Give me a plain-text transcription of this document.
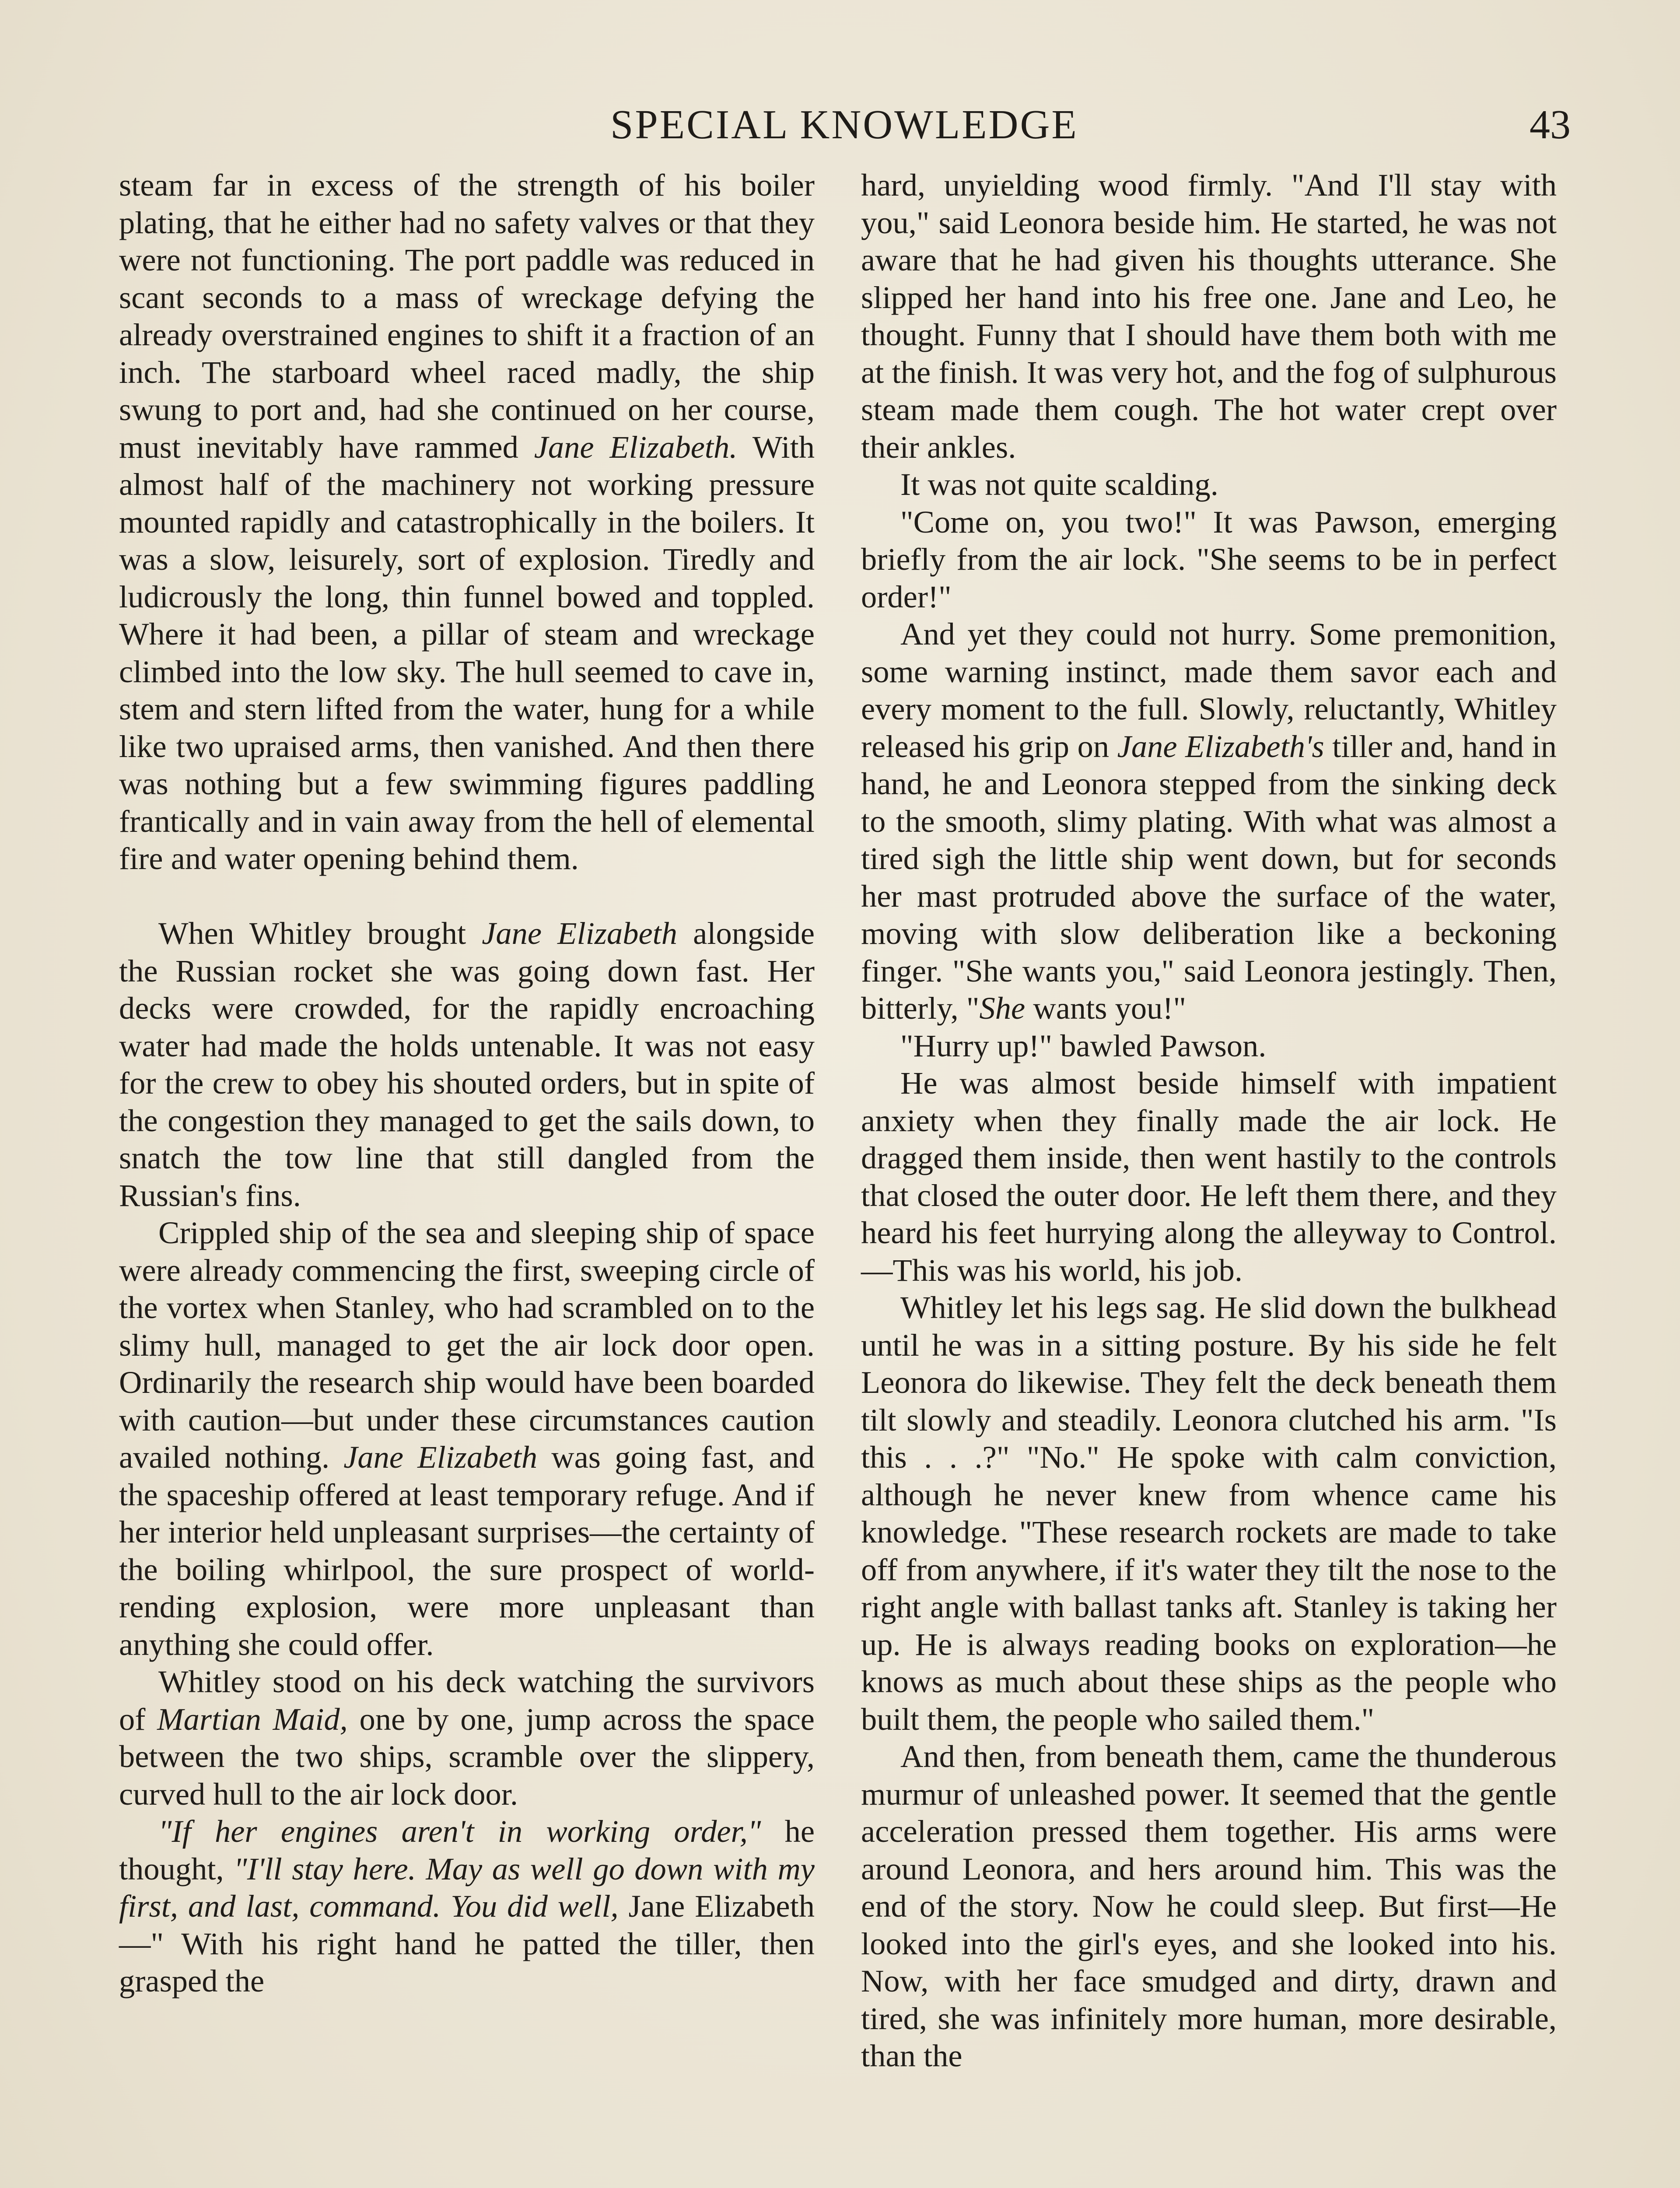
SPECIAL KNOWLEDGE	43

steam far in excess of the strength of his boiler plating, that he either had no safety valves or that they were not functioning. The port paddle was reduced in scant seconds to a mass of wreckage defying the already overstrained engines to shift it a fraction of an inch. The starboard wheel raced madly, the ship swung to port and, had she continued on her course, must inevitably have rammed Jane Elizabeth. With almost half of the machinery not working pressure mounted rapidly and catastrophically in the boilers. It was a slow, leisurely, sort of explosion. Tiredly and ludicrously the long, thin funnel bowed and toppled. Where it had been, a pillar of steam and wreckage climbed into the low sky. The hull seemed to cave in, stem and stern lifted from the water, hung for a while like two upraised arms, then vanished. And then there was nothing but a few swimming figures paddling frantically and in vain away from the hell of elemental fire and water opening behind them.

When Whitley brought Jane Elizabeth alongside the Russian rocket she was going down fast. Her decks were crowded, for the rapidly encroaching water had made the holds untenable. It was not easy for the crew to obey his shouted orders, but in spite of the congestion they managed to get the sails down, to snatch the tow line that still dangled from the Russian's fins.

Crippled ship of the sea and sleeping ship of space were already commencing the first, sweeping circle of the vortex when Stanley, who had scrambled on to the slimy hull, managed to get the air lock door open. Ordinarily the research ship would have been boarded with caution—but under these circumstances caution availed nothing. Jane Elizabeth was going fast, and the spaceship offered at least temporary refuge. And if her interior held unpleasant surprises—the certainty of the boiling whirlpool, the sure prospect of world-rending explosion, were more unpleasant than anything she could offer.

Whitley stood on his deck watching the survivors of Martian Maid, one by one, jump across the space between the two ships, scramble over the slippery, curved hull to the air lock door.

"If her engines aren't in working order," he thought, "I'll stay here. May as well go down with my first, and last, command. You did well, Jane Elizabeth—" With his right hand he patted the tiller, then grasped the

hard, unyielding wood firmly. "And I'll stay with you," said Leonora beside him. He started, he was not aware that he had given his thoughts utterance. She slipped her hand into his free one. Jane and Leo, he thought. Funny that I should have them both with me at the finish. It was very hot, and the fog of sulphurous steam made them cough. The hot water crept over their ankles.

It was not quite scalding.

"Come on, you two!" It was Pawson, emerging briefly from the air lock. "She seems to be in perfect order!"

And yet they could not hurry. Some premonition, some warning instinct, made them savor each and every moment to the full. Slowly, reluctantly, Whitley released his grip on Jane Elizabeth's tiller and, hand in hand, he and Leonora stepped from the sinking deck to the smooth, slimy plating. With what was almost a tired sigh the little ship went down, but for seconds her mast protruded above the surface of the water, moving with slow deliberation like a beckoning finger. "She wants you," said Leonora jestingly. Then, bitterly, "She wants you!"

"Hurry up!" bawled Pawson.

He was almost beside himself with impatient anxiety when they finally made the air lock. He dragged them inside, then went hastily to the controls that closed the outer door. He left them there, and they heard his feet hurrying along the alleyway to Control.—This was his world, his job.

Whitley let his legs sag. He slid down the bulkhead until he was in a sitting posture. By his side he felt Leonora do likewise. They felt the deck beneath them tilt slowly and steadily. Leonora clutched his arm. "Is this . . .?" "No." He spoke with calm conviction, although he never knew from whence came his knowledge. "These research rockets are made to take off from anywhere, if it's water they tilt the nose to the right angle with ballast tanks aft. Stanley is taking her up. He is always reading books on exploration—he knows as much about these ships as the people who built them, the people who sailed them."

And then, from beneath them, came the thunderous murmur of unleashed power. It seemed that the gentle acceleration pressed them together. His arms were around Leonora, and hers around him. This was the end of the story. Now he could sleep. But first—He looked into the girl's eyes, and she looked into his. Now, with her face smudged and dirty, drawn and tired, she was infinitely more human, more desirable, than the
